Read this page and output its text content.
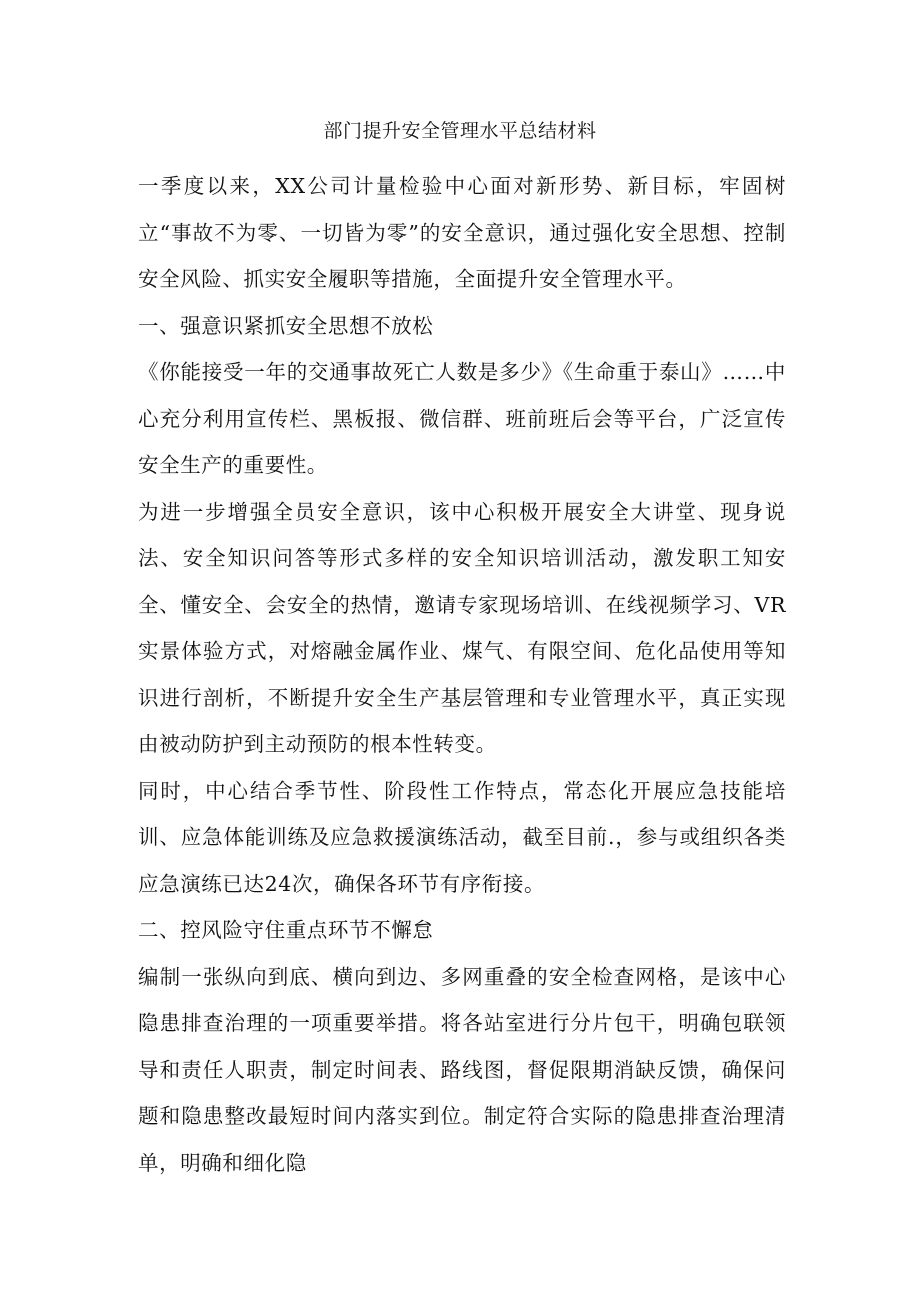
部门提升安全管理水平总结材料

一季度以来，XX公司计量检验中心面对新形势、新目标，牢固树立“事故不为零、一切皆为零”的安全意识，通过强化安全思想、控制安全风险、抓实安全履职等措施，全面提升安全管理水平。

一、强意识紧抓安全思想不放松

《你能接受一年的交通事故死亡人数是多少》《生命重于泰山》……中心充分利用宣传栏、黑板报、微信群、班前班后会等平台，广泛宣传安全生产的重要性。

为进一步增强全员安全意识，该中心积极开展安全大讲堂、现身说法、安全知识问答等形式多样的安全知识培训活动，激发职工知安全、懂安全、会安全的热情，邀请专家现场培训、在线视频学习、VR实景体验方式，对熔融金属作业、煤气、有限空间、危化品使用等知识进行剖析，不断提升安全生产基层管理和专业管理水平，真正实现由被动防护到主动预防的根本性转变。

同时，中心结合季节性、阶段性工作特点，常态化开展应急技能培训、应急体能训练及应急救援演练活动，截至目前.，参与或组织各类应急演练已达24次，确保各环节有序衔接。

二、控风险守住重点环节不懈怠

编制一张纵向到底、横向到边、多网重叠的安全检查网格，是该中心隐患排查治理的一项重要举措。将各站室进行分片包干，明确包联领导和责任人职责，制定时间表、路线图，督促限期消缺反馈，确保问题和隐患整改最短时间内落实到位。制定符合实际的隐患排查治理清单，明确和细化隐
